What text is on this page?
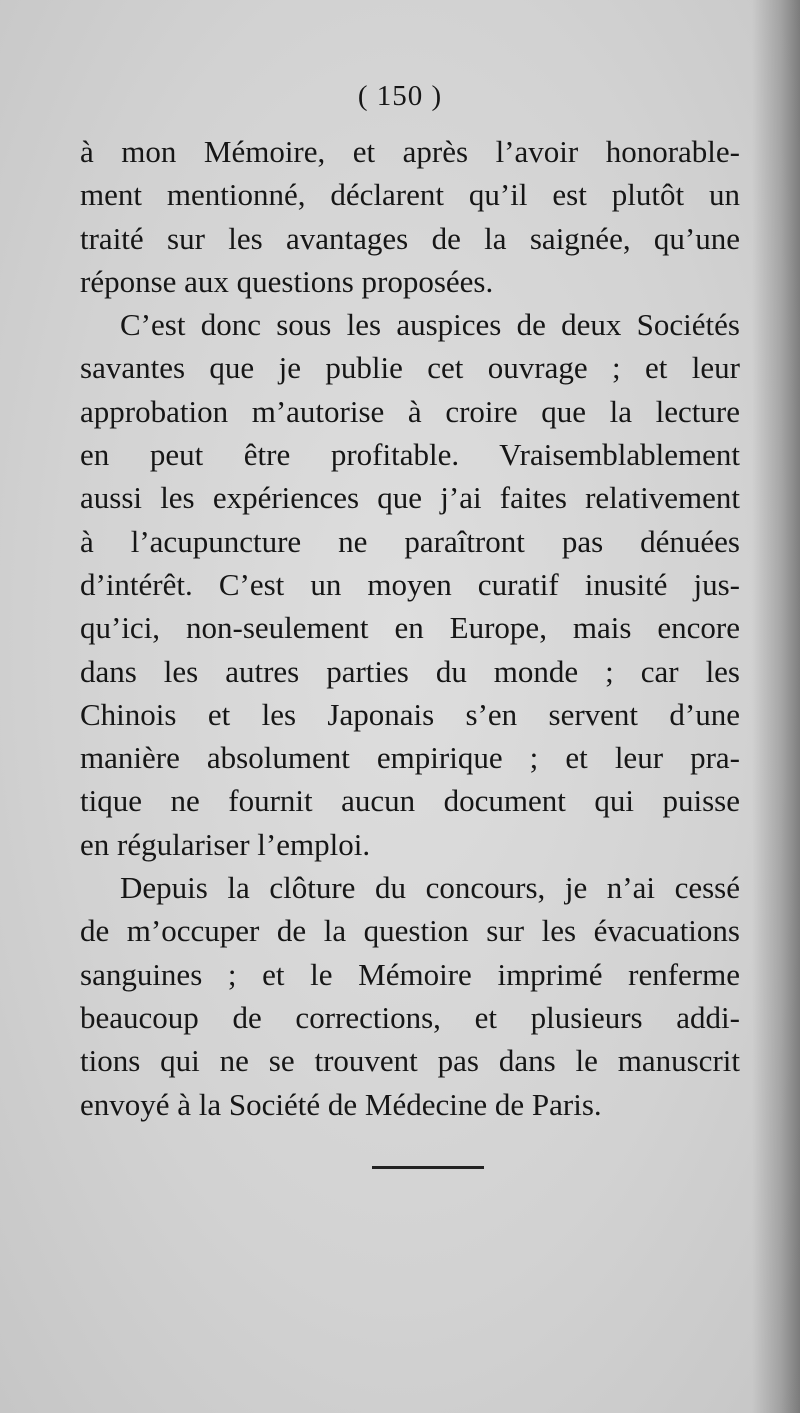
( 150 )
à mon Mémoire, et après l’avoir honorable-
ment mentionné, déclarent qu’il est plutôt un
traité sur les avantages de la saignée, qu’une
réponse aux questions proposées.
C’est donc sous les auspices de deux Sociétés
savantes que je publie cet ouvrage ; et leur
approbation m’autorise à croire que la lecture
en peut être profitable. Vraisemblablement
aussi les expériences que j’ai faites relativement
à l’acupuncture ne paraîtront pas dénuées
d’intérêt. C’est un moyen curatif inusité jus-
qu’ici, non-seulement en Europe, mais encore
dans les autres parties du monde ; car les
Chinois et les Japonais s’en servent d’une
manière absolument empirique ; et leur pra-
tique ne fournit aucun document qui puisse
en régulariser l’emploi.
Depuis la clôture du concours, je n’ai cessé
de m’occuper de la question sur les évacuations
sanguines ; et le Mémoire imprimé renferme
beaucoup de corrections, et plusieurs addi-
tions qui ne se trouvent pas dans le manuscrit
envoyé à la Société de Médecine de Paris.
